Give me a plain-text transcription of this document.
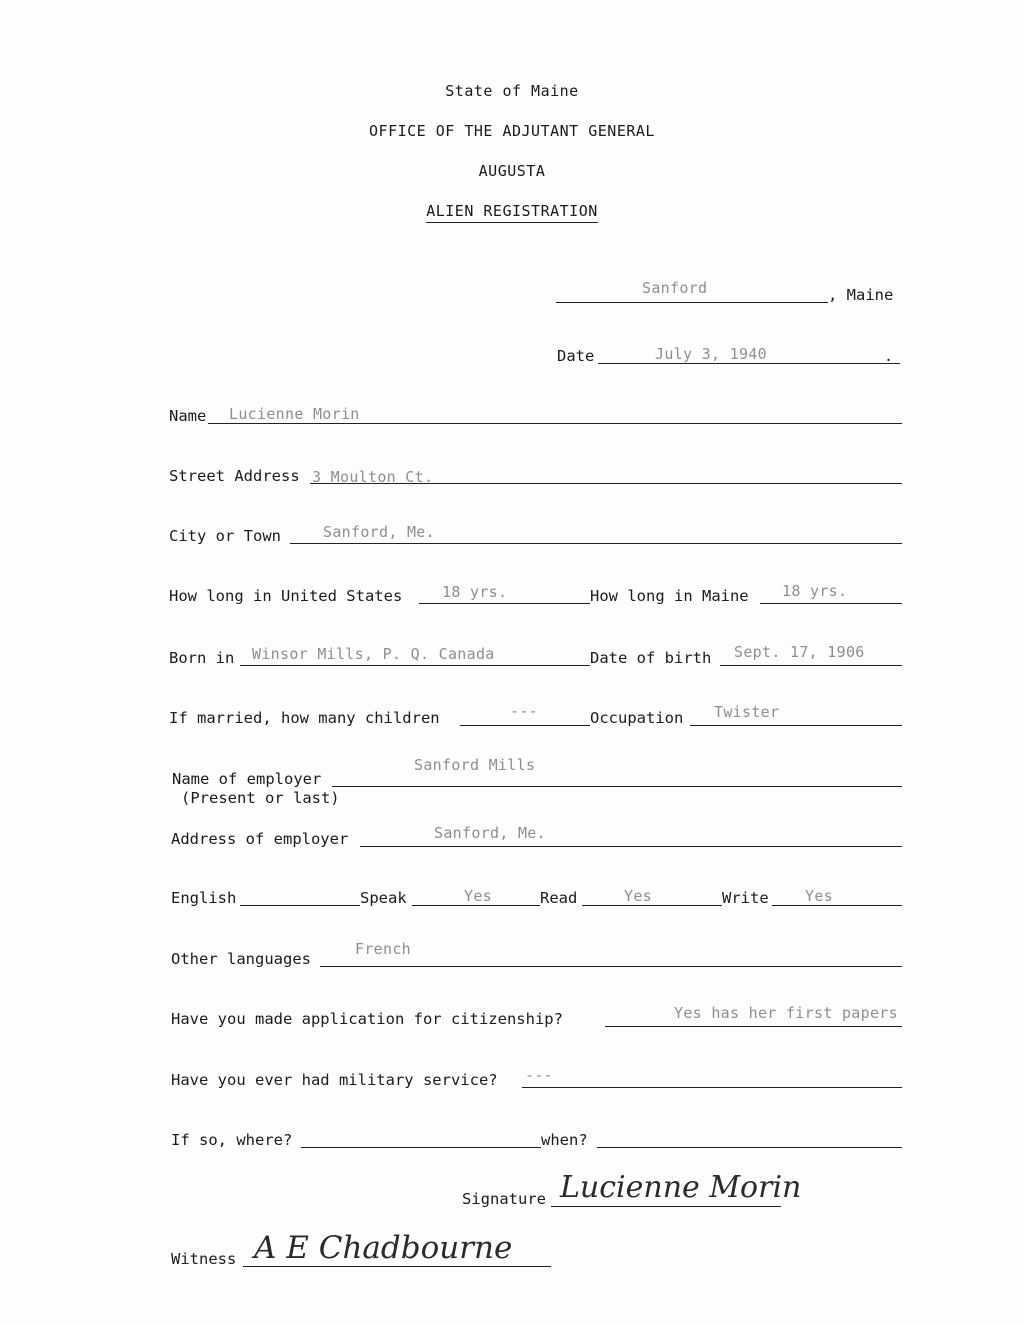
State of Maine
OFFICE OF THE ADJUTANT GENERAL
AUGUSTA
ALIEN REGISTRATION
Sanford	, Maine
Date	July 3, 1940	.
Name Lucienne Morin
Street Address 3 Moulton Ct.
City or Town	Sanford, Me.
How long in United States	18 yrs.	How long in Maine 18 yrs.
Born in Winsor Mills, P. Q. Canada	Date of birth Sept. 17, 1906
If married, how many children	---	Occupation Twister
Name of employer
(Present or last)
Sanford Mills
Address of employer	Sanford, Me.
English	Speak	Yes	Read	Yes	Write Yes
Other languages
French
Have you made application for citizenship?	Yes has her first papers
Have you ever had military service? ---
If so, where?	when?
Signature Lucienne Morin
Witness A E Chadbourne
